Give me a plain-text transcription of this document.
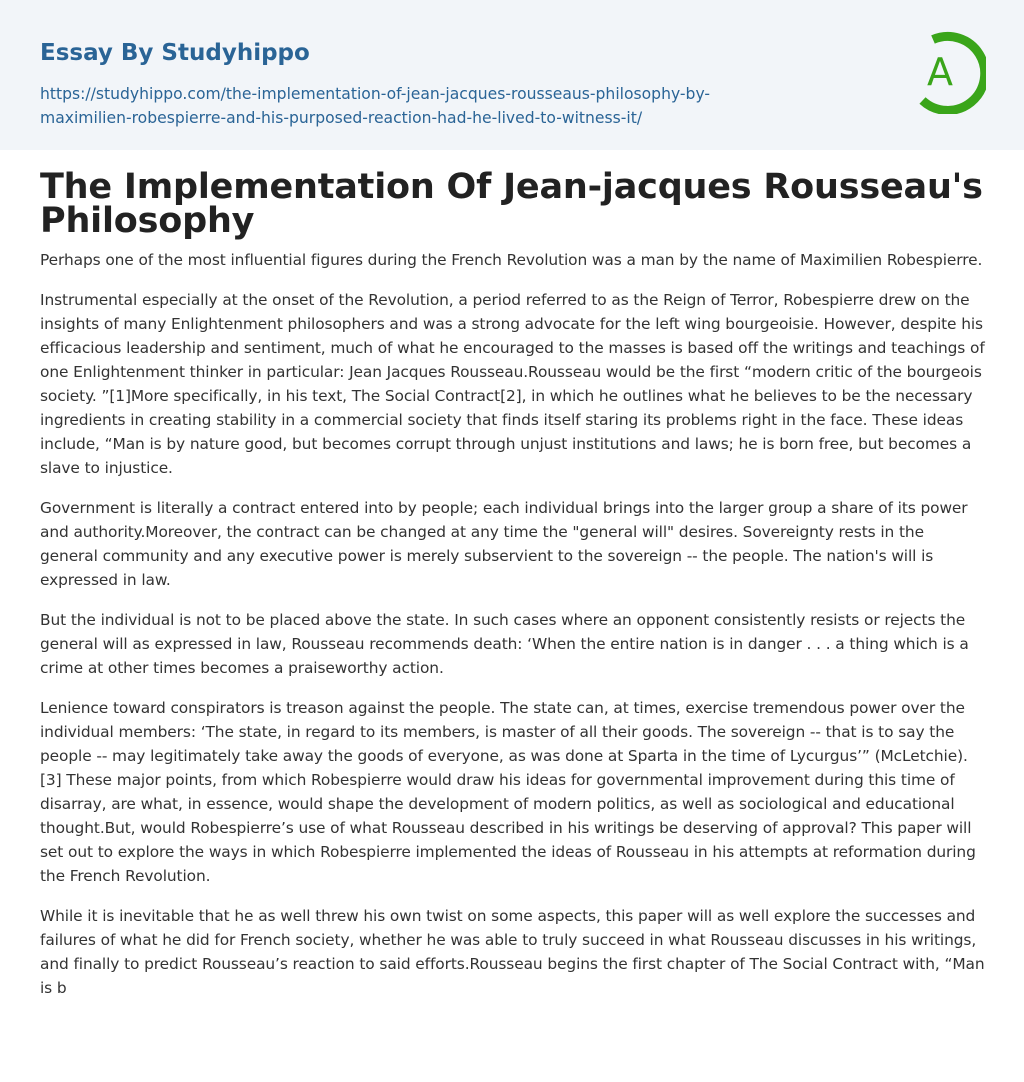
Essay By Studyhippo
https://studyhippo.com/the-implementation-of-jean-jacques-rousseaus-philosophy-by-
maximilien-robespierre-and-his-purposed-reaction-had-he-lived-to-witness-it/
A
The Implementation Of Jean-jacques Rousseau's Philosophy

Perhaps one of the most influential figures during the French Revolution was a man by the name of Maximilien Robespierre.

Instrumental especially at the onset of the Revolution, a period referred to as the Reign of Terror, Robespierre drew on the insights of many Enlightenment philosophers and was a strong advocate for the left wing bourgeoisie. However, despite his efficacious leadership and sentiment, much of what he encouraged to the masses is based off the writings and teachings of one Enlightenment thinker in particular: Jean Jacques Rousseau.Rousseau would be the first “modern critic of the bourgeois society. ”[1]More specifically, in his text, The Social Contract[2], in which he outlines what he believes to be the necessary ingredients in creating stability in a commercial society that finds itself staring its problems right in the face. These ideas include, “Man is by nature good, but becomes corrupt through unjust institutions and laws; he is born free, but becomes a slave to injustice.

Government is literally a contract entered into by people; each individual brings into the larger group a share of its power and authority.Moreover, the contract can be changed at any time the "general will" desires. Sovereignty rests in the general community and any executive power is merely subservient to the sovereign -- the people. The nation's will is expressed in law.

But the individual is not to be placed above the state. In such cases where an opponent consistently resists or rejects the general will as expressed in law, Rousseau recommends death: ‘When the entire nation is in danger . . . a thing which is a crime at other times becomes a praiseworthy action.

Lenience toward conspirators is treason against the people. The state can, at times, exercise tremendous power over the individual members: ‘The state, in regard to its members, is master of all their goods. The sovereign -- that is to say the people -- may legitimately take away the goods of everyone, as was done at Sparta in the time of Lycurgus’” (McLetchie). [3] These major points, from which Robespierre would draw his ideas for governmental improvement during this time of disarray, are what, in essence, would shape the development of modern politics, as well as sociological and educational thought.But, would Robespierre’s use of what Rousseau described in his writings be deserving of approval? This paper will set out to explore the ways in which Robespierre implemented the ideas of Rousseau in his attempts at reformation during the French Revolution.

While it is inevitable that he as well threw his own twist on some aspects, this paper will as well explore the successes and failures of what he did for French society, whether he was able to truly succeed in what Rousseau discusses in his writings, and finally to predict Rousseau’s reaction to said efforts.Rousseau begins the first chapter of The Social Contract with, “Man is b
